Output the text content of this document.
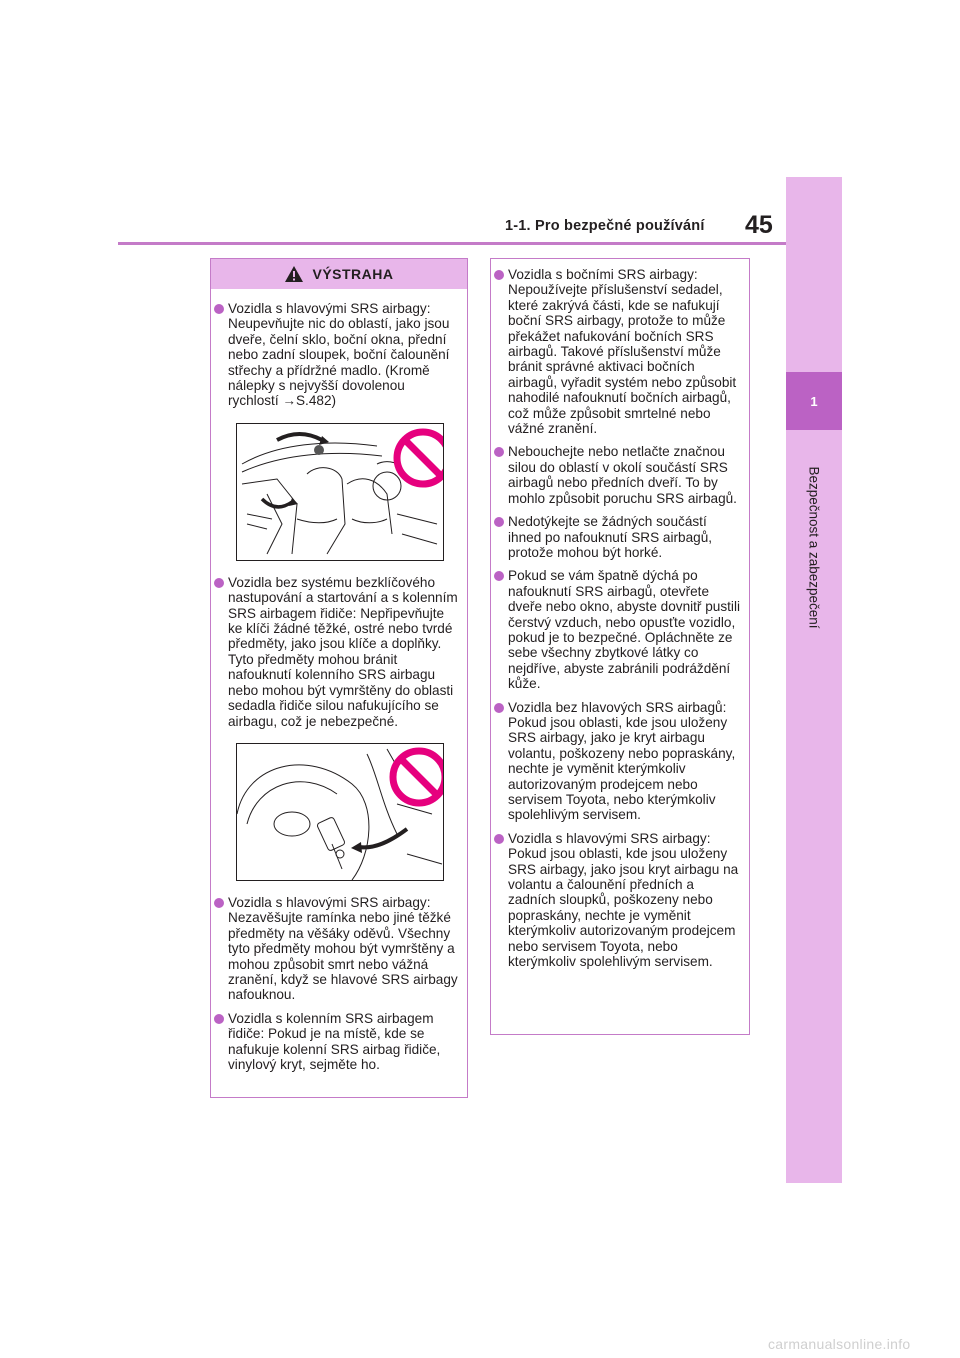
1-1. Pro bezpečné používání 45
1
Bezpečnost a zabezpečení
VÝSTRAHA
Vozidla s hlavovými SRS airbagy: Neupevňujte nic do oblastí, jako jsou dveře, čelní sklo, boční okna, přední nebo zadní sloupek, boční čalounění střechy a přídržné madlo. (Kromě nálepky s nejvyšší dovolenou rychlostí →S.482)
Vozidla bez systému bezklíčového nastupování a startování a s kolenním SRS airbagem řidiče: Nepřipevňujte ke klíči žádné těžké, ostré nebo tvrdé předměty, jako jsou klíče a doplňky. Tyto předměty mohou bránit nafouknutí kolenního SRS airbagu nebo mohou být vymrštěny do oblasti sedadla řidiče silou nafukujícího se airbagu, což je nebezpečné.
Vozidla s hlavovými SRS airbagy: Nezavěšujte ramínka nebo jiné těžké předměty na věšáky oděvů. Všechny tyto předměty mohou být vymrštěny a mohou způsobit smrt nebo vážná zranění, když se hlavové SRS airbagy nafouknou.
Vozidla s kolenním SRS airbagem řidiče: Pokud je na místě, kde se nafukuje kolenní SRS airbag řidiče, vinylový kryt, sejměte ho.
Vozidla s bočními SRS airbagy: Nepoužívejte příslušenství sedadel, které zakrývá části, kde se nafukují boční SRS airbagy, protože to může překážet nafukování bočních SRS airbagů. Takové příslušenství může bránit správné aktivaci bočních airbagů, vyřadit systém nebo způsobit nahodilé nafouknutí bočních airbagů, což může způsobit smrtelné nebo vážné zranění.
Nebouchejte nebo netlačte značnou silou do oblastí v okolí součástí SRS airbagů nebo předních dveří. To by mohlo způsobit poruchu SRS airbagů.
Nedotýkejte se žádných součástí ihned po nafouknutí SRS airbagů, protože mohou být horké.
Pokud se vám špatně dýchá po nafouknutí SRS airbagů, otevřete dveře nebo okno, abyste dovnitř pustili čerstvý vzduch, nebo opusťte vozidlo, pokud je to bezpečné. Opláchněte ze sebe všechny zbytkové látky co nejdříve, abyste zabránili podráždění kůže.
Vozidla bez hlavových SRS airbagů: Pokud jsou oblasti, kde jsou uloženy SRS airbagy, jako je kryt airbagu volantu, poškozeny nebo popraskány, nechte je vyměnit kterýmkoliv autorizovaným prodejcem nebo servisem Toyota, nebo kterýmkoliv spolehlivým servisem.
Vozidla s hlavovými SRS airbagy: Pokud jsou oblasti, kde jsou uloženy SRS airbagy, jako jsou kryt airbagu na volantu a čalounění předních a zadních sloupků, poškozeny nebo popraskány, nechte je vyměnit kterýmkoliv autorizovaným prodejcem nebo servisem Toyota, nebo kterýmkoliv spolehlivým servisem.
carmanualsonline.info
